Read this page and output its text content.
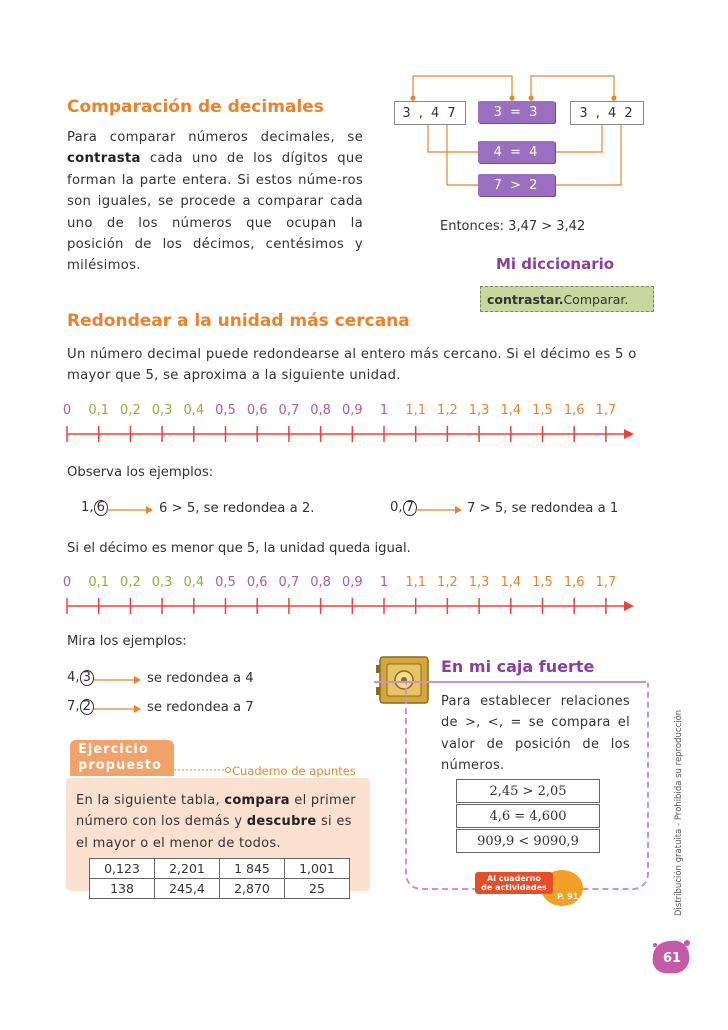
Comparación de decimales
Para comparar números decimales, se contrasta cada uno de los dígitos que forman la parte entera. Si estos núme-ros son iguales, se procede a comparar cada uno de los números que ocupan la posición de los décimos, centésimos y milésimos.
3 , 4 7	3 = 3	3 , 4 2
4 = 4
7 > 2
Entonces: 3,47 > 3,42
Mi diccionario
contrastar. Comparar.
Redondear a la unidad más cercana
Un número decimal puede redondearse al entero más cercano. Si el décimo es 5 o mayor que 5, se aproxima a la siguiente unidad.
0 0,1 0,2 0,3 0,4 0,5 0,6 0,7 0,8 0,9 1 1,1 1,2 1,3 1,4 1,5 1,6 1,7
Observa los ejemplos:
1, 6	6 > 5, se redondea a 2.	0, 7	7 > 5, se redondea a 1
Si el décimo es menor que 5, la unidad queda igual.
0 0,1 0,2 0,3 0,4 0,5 0,6 0,7 0,8 0,9 1 1,1 1,2 1,3 1,4 1,5 1,6 1,7
Mira los ejemplos:
4, 3	se redondea a 4
7, 2	se redondea a 7
Ejercicio
propuesto	Cuaderno de apuntes
En la siguiente tabla, compara el primer número con los demás y descubre si es el mayor o el menor de todos.
0,123	2,201	1 845	1,001
138	245,4	2,870	25
En mi caja fuerte
Para establecer relaciones de >, <, = se compara el valor de posición de los números.
2,45 > 2,05
4,6 = 4,600
909,9 < 9090,9
Al cuaderno
de actividades
P. 91	Distribución gratuita - Prohibida su reproducción
61
